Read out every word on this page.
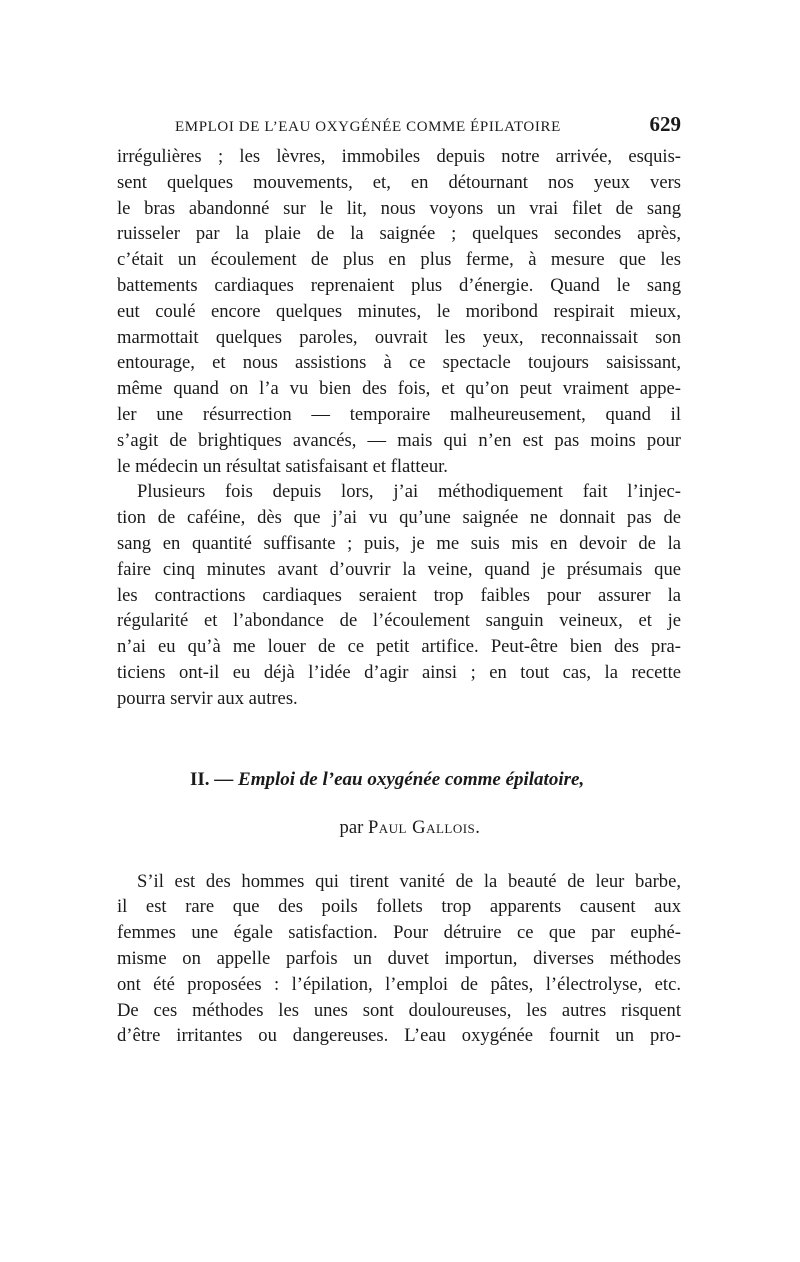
EMPLOI DE L’EAU OXYGÉNÉE COMME ÉPILATOIRE	629

irrégulières ; les lèvres, immobiles depuis notre arrivée, esquis-
sent quelques mouvements, et, en détournant nos yeux vers
le bras abandonné sur le lit, nous voyons un vrai filet de sang
ruisseler par la plaie de la saignée ; quelques secondes après,
c’était un écoulement de plus en plus ferme, à mesure que les
battements cardiaques reprenaient plus d’énergie. Quand le sang
eut coulé encore quelques minutes, le moribond respirait mieux,
marmottait quelques paroles, ouvrait les yeux, reconnaissait son
entourage, et nous assistions à ce spectacle toujours saisissant,
même quand on l’a vu bien des fois, et qu’on peut vraiment appe-
ler une résurrection — temporaire malheureusement, quand il
s’agit de brightiques avancés, — mais qui n’en est pas moins pour
le médecin un résultat satisfaisant et flatteur.

Plusieurs fois depuis lors, j’ai méthodiquement fait l’injec-
tion de caféine, dès que j’ai vu qu’une saignée ne donnait pas de
sang en quantité suffisante ; puis, je me suis mis en devoir de la
faire cinq minutes avant d’ouvrir la veine, quand je présumais que
les contractions cardiaques seraient trop faibles pour assurer la
régularité et l’abondance de l’écoulement sanguin veineux, et je
n’ai eu qu’à me louer de ce petit artifice. Peut-être bien des pra-
ticiens ont-il eu déjà l’idée d’agir ainsi ; en tout cas, la recette
pourra servir aux autres.

II. — Emploi de l’eau oxygénée comme épilatoire,
par Paul Gallois.

S’il est des hommes qui tirent vanité de la beauté de leur barbe,
il est rare que des poils follets trop apparents causent aux
femmes une égale satisfaction. Pour détruire ce que par euphé-
misme on appelle parfois un duvet importun, diverses méthodes
ont été proposées : l’épilation, l’emploi de pâtes, l’électrolyse, etc.
De ces méthodes les unes sont douloureuses, les autres risquent
d’être irritantes ou dangereuses. L’eau oxygénée fournit un pro-
